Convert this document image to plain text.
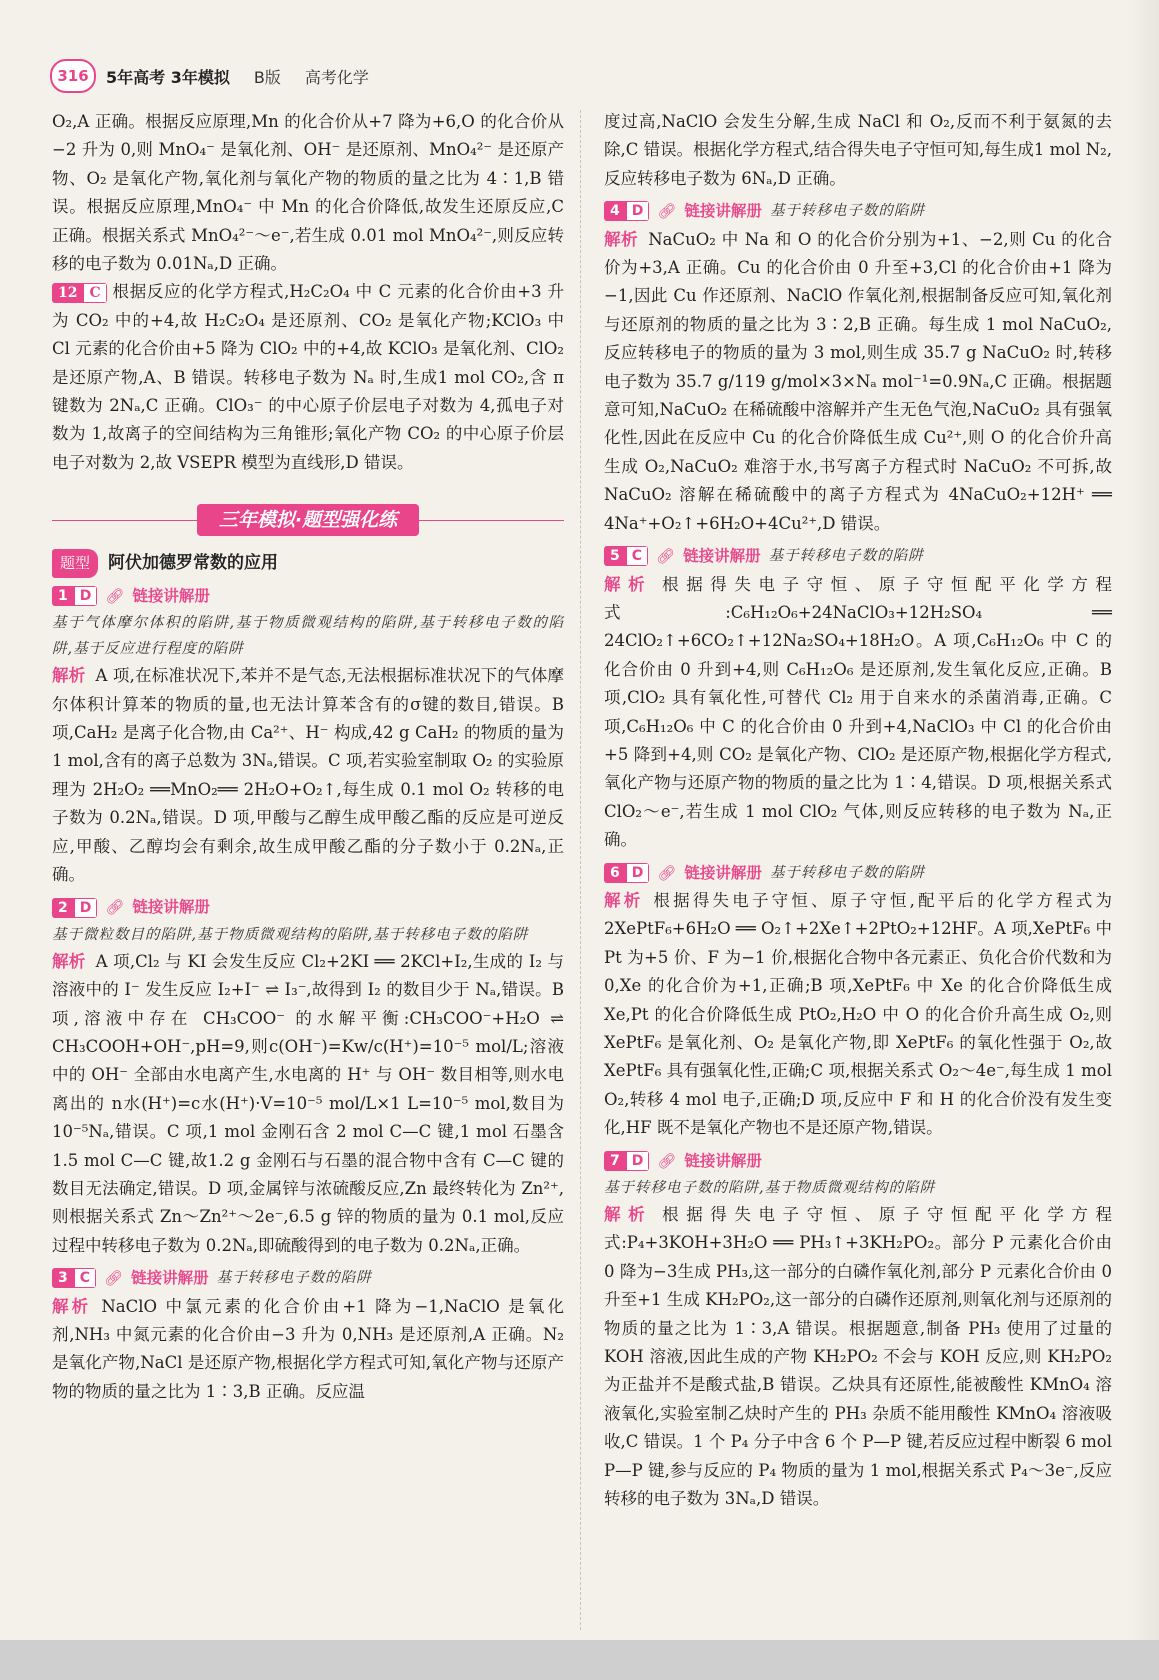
316	5年高考 3年模拟 B版 高考化学

O₂,A 正确。根据反应原理,Mn 的化合价从+7 降为+6,O 的化合价从−2 升为 0,则 MnO₄⁻ 是氧化剂、OH⁻ 是还原剂、MnO₄²⁻ 是还原产物、O₂ 是氧化产物,氧化剂与氧化产物的物质的量之比为 4∶1,B 错误。根据反应原理,MnO₄⁻ 中 Mn 的化合价降低,故发生还原反应,C 正确。根据关系式 MnO₄²⁻～e⁻,若生成 0.01 mol MnO₄²⁻,则反应转移的电子数为 0.01Nₐ,D 正确。

12 C 根据反应的化学方程式,H₂C₂O₄ 中 C 元素的化合价由+3 升为 CO₂ 中的+4,故 H₂C₂O₄ 是还原剂、CO₂ 是氧化产物;KClO₃ 中 Cl 元素的化合价由+5 降为 ClO₂ 中的+4,故 KClO₃ 是氧化剂、ClO₂ 是还原产物,A、B 错误。转移电子数为 Nₐ 时,生成1 mol CO₂,含 π 键数为 2Nₐ,C 正确。ClO₃⁻ 的中心原子价层电子对数为 4,孤电子对数为 1,故离子的空间结构为三角锥形;氧化产物 CO₂ 的中心原子价层电子对数为 2,故 VSEPR 模型为直线形,D 错误。
三年模拟·题型强化练
题型	阿伏加德罗常数的应用
1 D 🔗︎ 链接讲解册

基于气体摩尔体积的陷阱,基于物质微观结构的陷阱,基于转移电子数的陷阱,基于反应进行程度的陷阱

解析 A 项,在标准状况下,苯并不是气态,无法根据标准状况下的气体摩尔体积计算苯的物质的量,也无法计算苯含有的σ键的数目,错误。B 项,CaH₂ 是离子化合物,由 Ca²⁺、H⁻ 构成,42 g CaH₂ 的物质的量为 1 mol,含有的离子总数为 3Nₐ,错误。C 项,若实验室制取 O₂ 的实验原理为 2H₂O₂ ══MnO₂══ 2H₂O+O₂↑,每生成 0.1 mol O₂ 转移的电子数为 0.2Nₐ,错误。D 项,甲酸与乙醇生成甲酸乙酯的反应是可逆反应,甲酸、乙醇均会有剩余,故生成甲酸乙酯的分子数小于 0.2Nₐ,正确。

2 D 🔗︎ 链接讲解册

基于微粒数目的陷阱,基于物质微观结构的陷阱,基于转移电子数的陷阱

解析 A 项,Cl₂ 与 KI 会发生反应 Cl₂+2KI ══ 2KCl+I₂,生成的 I₂ 与溶液中的 I⁻ 发生反应 I₂+I⁻ ⇌ I₃⁻,故得到 I₂ 的数目少于 Nₐ,错误。B 项,溶液中存在 CH₃COO⁻ 的水解平衡:CH₃COO⁻+H₂O ⇌ CH₃COOH+OH⁻,pH=9,则c(OH⁻)=Kw/c(H⁺)=10⁻⁵ mol/L;溶液中的 OH⁻ 全部由水电离产生,水电离的 H⁺ 与 OH⁻ 数目相等,则水电离出的 n水(H⁺)=c水(H⁺)·V=10⁻⁵ mol/L×1 L=10⁻⁵ mol,数目为 10⁻⁵Nₐ,错误。C 项,1 mol 金刚石含 2 mol C—C 键,1 mol 石墨含 1.5 mol C—C 键,故1.2 g 金刚石与石墨的混合物中含有 C—C 键的数目无法确定,错误。D 项,金属锌与浓硫酸反应,Zn 最终转化为 Zn²⁺,则根据关系式 Zn～Zn²⁺～2e⁻,6.5 g 锌的物质的量为 0.1 mol,反应过程中转移电子数为 0.2Nₐ,即硫酸得到的电子数为 0.2Nₐ,正确。

3 C 🔗︎ 链接讲解册 基于转移电子数的陷阱

解析 NaClO 中氯元素的化合价由+1 降为−1,NaClO 是氧化剂,NH₃ 中氮元素的化合价由−3 升为 0,NH₃ 是还原剂,A 正确。N₂ 是氧化产物,NaCl 是还原产物,根据化学方程式可知,氧化产物与还原产物的物质的量之比为 1∶3,B 正确。反应温

度过高,NaClO 会发生分解,生成 NaCl 和 O₂,反而不利于氨氮的去除,C 错误。根据化学方程式,结合得失电子守恒可知,每生成1 mol N₂,反应转移电子数为 6Nₐ,D 正确。

4 D 🔗︎ 链接讲解册 基于转移电子数的陷阱

解析 NaCuO₂ 中 Na 和 O 的化合价分别为+1、−2,则 Cu 的化合价为+3,A 正确。Cu 的化合价由 0 升至+3,Cl 的化合价由+1 降为−1,因此 Cu 作还原剂、NaClO 作氧化剂,根据制备反应可知,氧化剂与还原剂的物质的量之比为 3∶2,B 正确。每生成 1 mol NaCuO₂,反应转移电子的物质的量为 3 mol,则生成 35.7 g NaCuO₂ 时,转移电子数为 35.7 g/119 g/mol×3×Nₐ mol⁻¹=0.9Nₐ,C 正确。根据题意可知,NaCuO₂ 在稀硫酸中溶解并产生无色气泡,NaCuO₂ 具有强氧化性,因此在反应中 Cu 的化合价降低生成 Cu²⁺,则 O 的化合价升高生成 O₂,NaCuO₂ 难溶于水,书写离子方程式时 NaCuO₂ 不可拆,故 NaCuO₂ 溶解在稀硫酸中的离子方程式为 4NaCuO₂+12H⁺ ══ 4Na⁺+O₂↑+6H₂O+4Cu²⁺,D 错误。

5 C 🔗︎ 链接讲解册 基于转移电子数的陷阱

解析 根据得失电子守恒、原子守恒配平化学方程式:C₆H₁₂O₆+24NaClO₃+12H₂SO₄ ══ 24ClO₂↑+6CO₂↑+12Na₂SO₄+18H₂O。A 项,C₆H₁₂O₆ 中 C 的化合价由 0 升到+4,则 C₆H₁₂O₆ 是还原剂,发生氧化反应,正确。B 项,ClO₂ 具有氧化性,可替代 Cl₂ 用于自来水的杀菌消毒,正确。C 项,C₆H₁₂O₆ 中 C 的化合价由 0 升到+4,NaClO₃ 中 Cl 的化合价由+5 降到+4,则 CO₂ 是氧化产物、ClO₂ 是还原产物,根据化学方程式,氧化产物与还原产物的物质的量之比为 1∶4,错误。D 项,根据关系式 ClO₂～e⁻,若生成 1 mol ClO₂ 气体,则反应转移的电子数为 Nₐ,正确。

6 D 🔗︎ 链接讲解册 基于转移电子数的陷阱

解析 根据得失电子守恒、原子守恒,配平后的化学方程式为 2XePtF₆+6H₂O ══ O₂↑+2Xe↑+2PtO₂+12HF。A 项,XePtF₆ 中 Pt 为+5 价、F 为−1 价,根据化合物中各元素正、负化合价代数和为 0,Xe 的化合价为+1,正确;B 项,XePtF₆ 中 Xe 的化合价降低生成 Xe,Pt 的化合价降低生成 PtO₂,H₂O 中 O 的化合价升高生成 O₂,则 XePtF₆ 是氧化剂、O₂ 是氧化产物,即 XePtF₆ 的氧化性强于 O₂,故 XePtF₆ 具有强氧化性,正确;C 项,根据关系式 O₂～4e⁻,每生成 1 mol O₂,转移 4 mol 电子,正确;D 项,反应中 F 和 H 的化合价没有发生变化,HF 既不是氧化产物也不是还原产物,错误。

7 D 🔗︎ 链接讲解册

基于转移电子数的陷阱,基于物质微观结构的陷阱

解析 根据得失电子守恒、原子守恒配平化学方程式:P₄+3KOH+3H₂O ══ PH₃↑+3KH₂PO₂。部分 P 元素化合价由 0 降为−3生成 PH₃,这一部分的白磷作氧化剂,部分 P 元素化合价由 0 升至+1 生成 KH₂PO₂,这一部分的白磷作还原剂,则氧化剂与还原剂的物质的量之比为 1∶3,A 错误。根据题意,制备 PH₃ 使用了过量的 KOH 溶液,因此生成的产物 KH₂PO₂ 不会与 KOH 反应,则 KH₂PO₂ 为正盐并不是酸式盐,B 错误。乙炔具有还原性,能被酸性 KMnO₄ 溶液氧化,实验室制乙炔时产生的 PH₃ 杂质不能用酸性 KMnO₄ 溶液吸收,C 错误。1 个 P₄ 分子中含 6 个 P—P 键,若反应过程中断裂 6 mol P—P 键,参与反应的 P₄ 物质的量为 1 mol,根据关系式 P₄～3e⁻,反应转移的电子数为 3Nₐ,D 错误。
